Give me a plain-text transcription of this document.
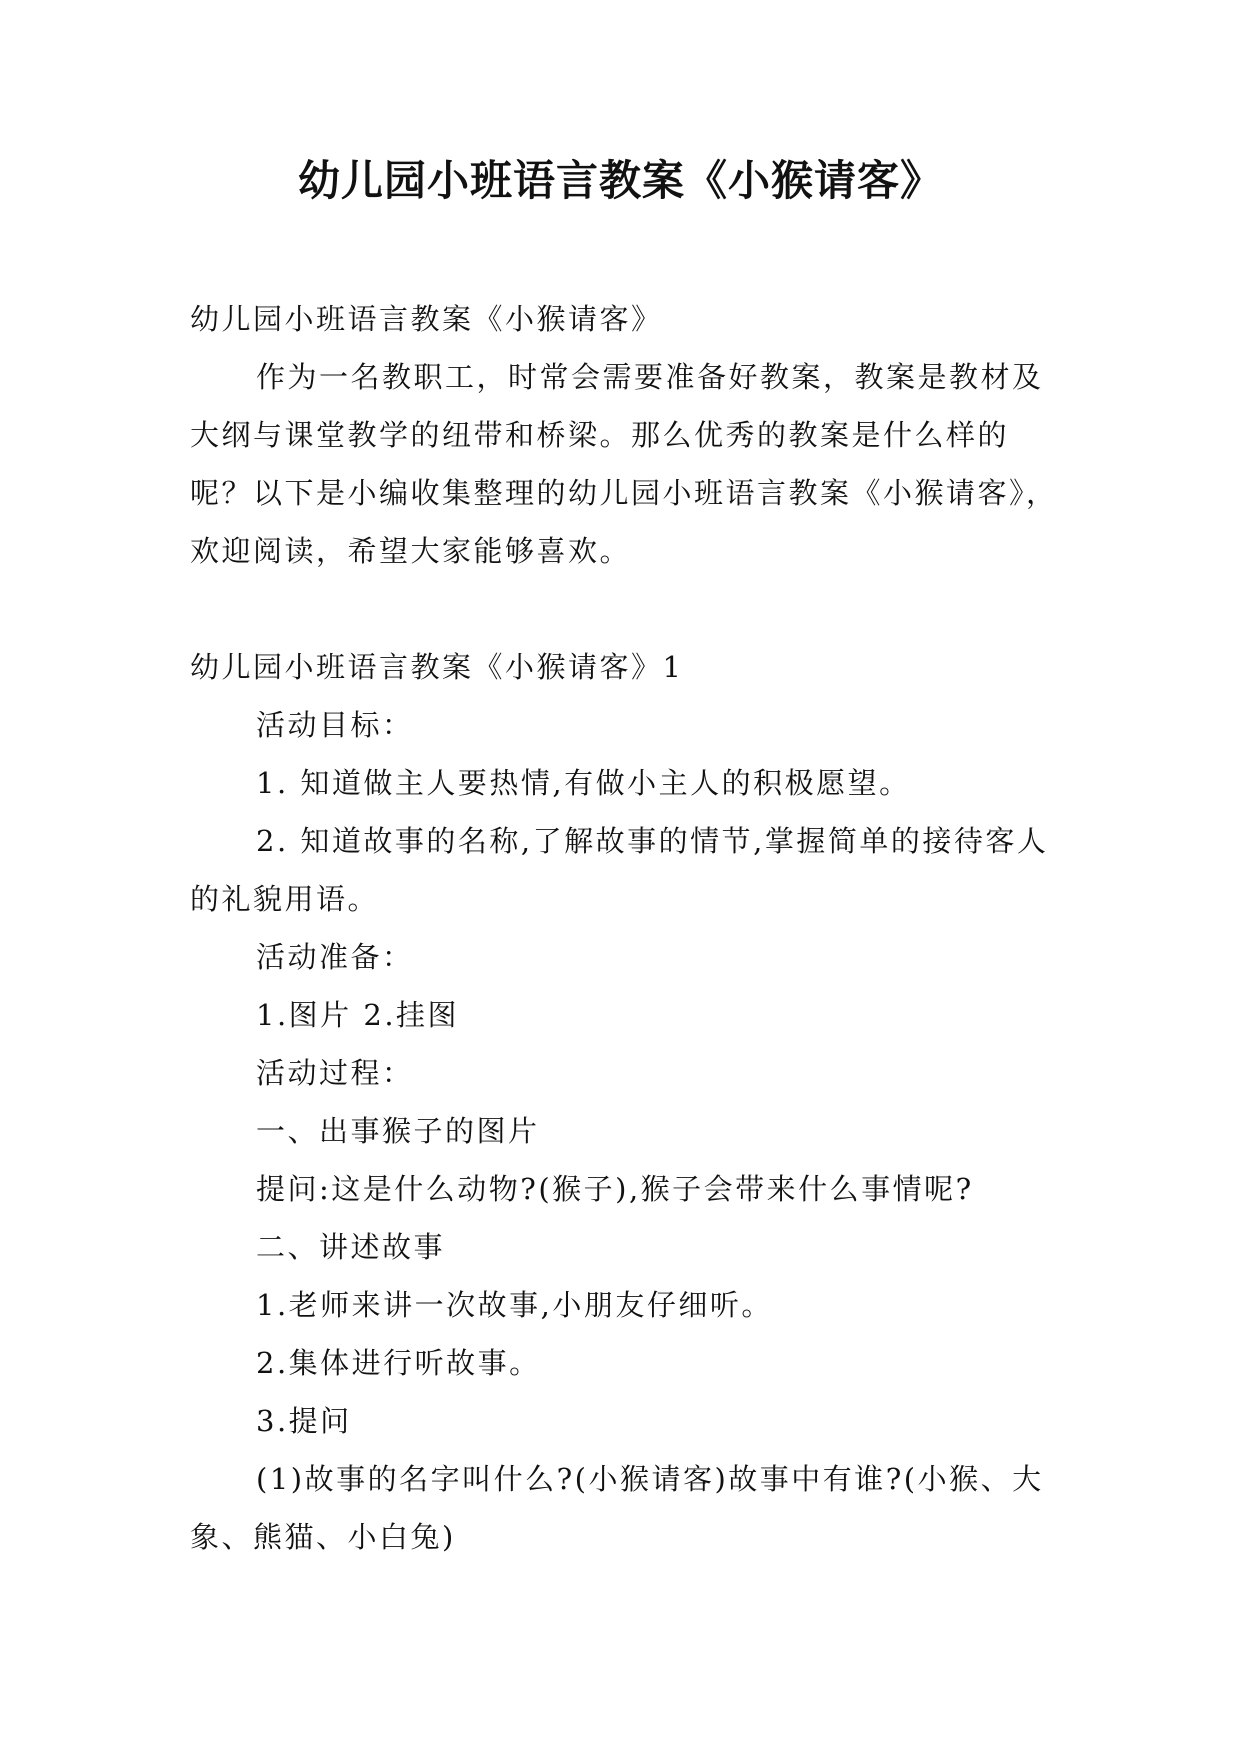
幼儿园小班语言教案《小猴请客》

幼儿园小班语言教案《小猴请客》

作为一名教职工，时常会需要准备好教案，教案是教材及大纲与课堂教学的纽带和桥梁。那么优秀的教案是什么样的呢？以下是小编收集整理的幼儿园小班语言教案《小猴请客》，欢迎阅读，希望大家能够喜欢。

幼儿园小班语言教案《小猴请客》1

活动目标：

1. 知道做主人要热情,有做小主人的积极愿望。

2. 知道故事的名称,了解故事的情节,掌握简单的接待客人的礼貌用语。

活动准备：

1.图片 2.挂图

活动过程：

一、出事猴子的图片

提问:这是什么动物?(猴子),猴子会带来什么事情呢?

二、讲述故事

1.老师来讲一次故事,小朋友仔细听。

2.集体进行听故事。

3.提问

(1)故事的名字叫什么?(小猴请客)故事中有谁?(小猴、大象、熊猫、小白兔)
